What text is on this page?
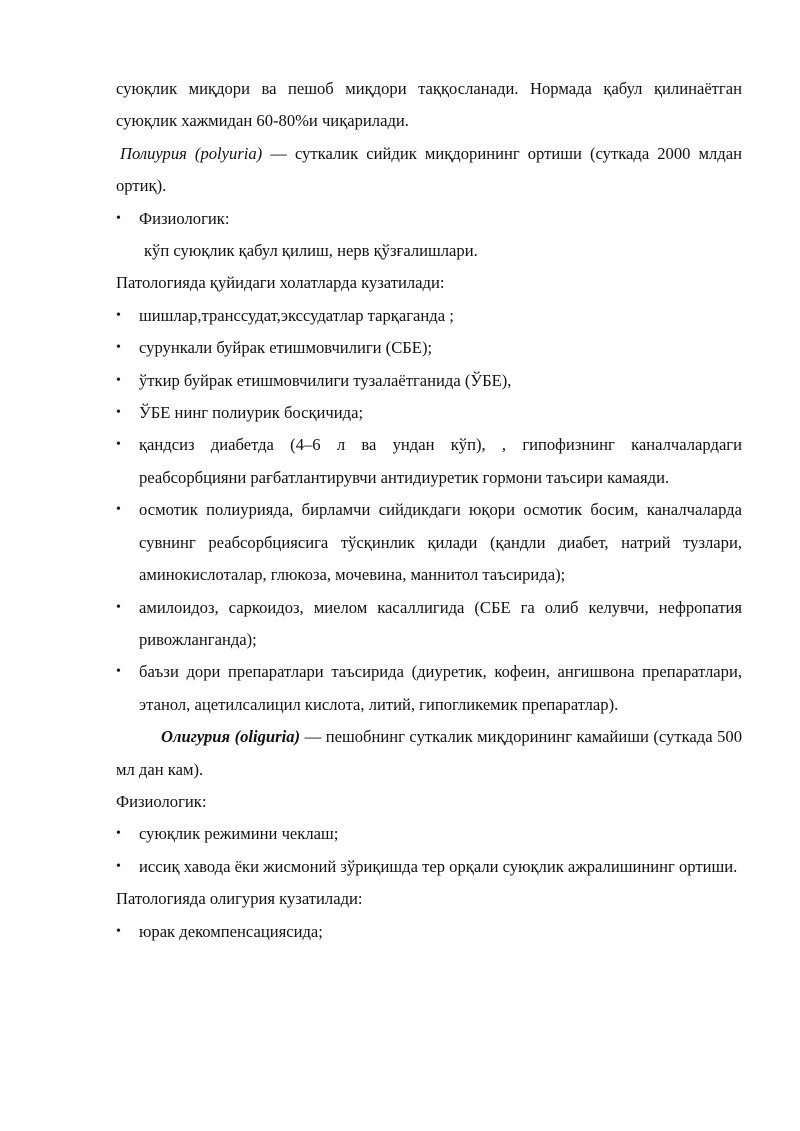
суюқлик миқдори ва пешоб миқдори таққосланади. Нормада қабул қилинаётган суюқлик хажмидан 60-80%и чиқарилади.

Полиурия (polyuria) — суткалик сийдик миқдорининг ортиши (суткада 2000 млдан ортиқ).

• Физиологик:

кўп суюқлик қабул қилиш, нерв қўзғалишлари.

Патологияда қуйидаги холатларда кузатилади:

• шишлар,транссудат,экссудатлар тарқаганда ;
• сурункали буйрак етишмовчилиги (СБЕ);
• ўткир буйрак етишмовчилиги тузалаётганида (ЎБЕ),
• ЎБЕ нинг полиурик босқичида;
• қандсиз диабетда (4–6 л ва ундан кўп), , гипофизнинг каналчалардаги реабсорбцияни рағбатлантирувчи антидиуретик гормони таъсири камаяди.
• осмотик полиурияда, бирламчи сийдикдаги юқори осмотик босим, каналчаларда сувнинг реабсорбциясига тўсқинлик қилади (қандли диабет, натрий тузлари, аминокислоталар, глюкоза, мочевина, маннитол таъсирида);
• амилоидоз, саркоидоз, миелом касаллигида (СБЕ га олиб келувчи, нефропатия ривожланганда);
• баъзи дори препаратлари таъсирида (диуретик, кофеин, ангишвона препаратлари, этанол, ацетилсалицил кислота, литий, гипогликемик препаратлар).

Олигурия (oliguria) — пешобнинг суткалик миқдорининг камайиши (суткада 500 мл дан кам).

Физиологик:

• суюқлик режимини чеклаш;
• иссиқ хавода ёки жисмоний зўриқишда тер орқали суюқлик ажралишининг ортиши.

Патологияда олигурия кузатилади:

• юрак декомпенсациясида;
